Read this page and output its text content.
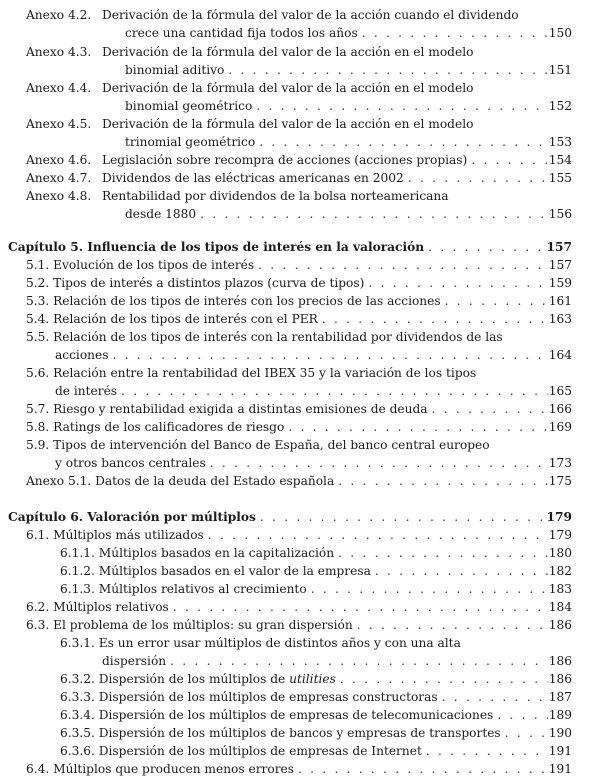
Anexo 4.2. Derivación de la fórmula del valor de la acción cuando el dividendo
crece una cantidad fija todos los años . . .	150
Anexo 4.3. Derivación de la fórmula del valor de la acción en el modelo
binomial aditivo . . .	151
Anexo 4.4. Derivación de la fórmula del valor de la acción en el modelo
binomial geométrico . . .	152
Anexo 4.5. Derivación de la fórmula del valor de la acción en el modelo
trinomial geométrico . . .	153
Anexo 4.6. Legislación sobre recompra de acciones (acciones propias) . . .	154
Anexo 4.7. Dividendos de las eléctricas americanas en 2002 . . .	155
Anexo 4.8. Rentabilidad por dividendos de la bolsa norteamericana
desde 1880 . . .	156
Capítulo 5. Influencia de los tipos de interés en la valoración . . .	157
5.1. Evolución de los tipos de interés . . .	157
5.2. Tipos de interés a distintos plazos (curva de tipos) . . .	159
5.3. Relación de los tipos de interés con los precios de las acciones . . .	161
5.4. Relación de los tipos de interés con el PER . . .	163
5.5. Relación de los tipos de interés con la rentabilidad por dividendos de las
acciones . . .	164
5.6. Relación entre la rentabilidad del IBEX 35 y la variación de los tipos
de interés . . .	165
5.7. Riesgo y rentabilidad exigida a distintas emisiones de deuda . . .	166
5.8. Ratings de los calificadores de riesgo . . .	169
5.9. Tipos de intervención del Banco de España, del banco central europeo
y otros bancos centrales . . .	173
Anexo 5.1. Datos de la deuda del Estado española . . .	175
Capítulo 6. Valoración por múltiplos . . .	179
6.1. Múltiplos más utilizados . . .	179
6.1.1. Múltiplos basados en la capitalización . . .	180
6.1.2. Múltiplos basados en el valor de la empresa . . .	182
6.1.3. Múltiplos relativos al crecimiento . . .	183
6.2. Múltiplos relativos . . .	184
6.3. El problema de los múltiplos: su gran dispersión . . .	186
6.3.1. Es un error usar múltiplos de distintos años y con una alta
dispersión . . .	186
6.3.2. Dispersión de los múltiplos de utilities . . .	186
6.3.3. Dispersión de los múltiplos de empresas constructoras . . .	187
6.3.4. Dispersión de los múltiplos de empresas de telecomunicaciones . . .	189
6.3.5. Dispersión de los múltiplos de bancos y empresas de transportes . . .	190
6.3.6. Dispersión de los múltiplos de empresas de Internet . . .	191
6.4. Múltiplos que producen menos errores . . .	191
